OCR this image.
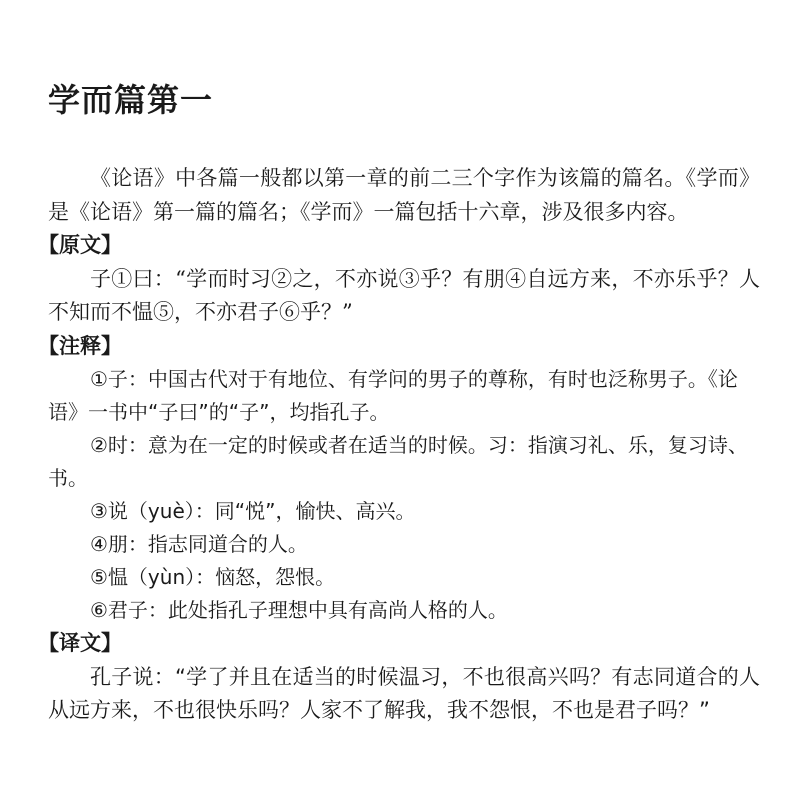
学而篇第一

《论语》中各篇一般都以第一章的前二三个字作为该篇的篇名。《学而》是《论语》第一篇的篇名；《学而》一篇包括十六章，涉及很多内容。

【原文】

子①曰：“学而时习②之，不亦说③乎？有朋④自远方来，不亦乐乎？人不知而不愠⑤，不亦君子⑥乎？”

【注释】

①子：中国古代对于有地位、有学问的男子的尊称，有时也泛称男子。《论语》一书中“子曰”的“子”，均指孔子。

②时：意为在一定的时候或者在适当的时候。习：指演习礼、乐，复习诗、书。

③说（yuè）：同“悦”，愉快、高兴。

④朋：指志同道合的人。

⑤愠（yùn）：恼怒，怨恨。

⑥君子：此处指孔子理想中具有高尚人格的人。

【译文】

孔子说：“学了并且在适当的时候温习，不也很高兴吗？有志同道合的人从远方来，不也很快乐吗？人家不了解我，我不怨恨，不也是君子吗？”
